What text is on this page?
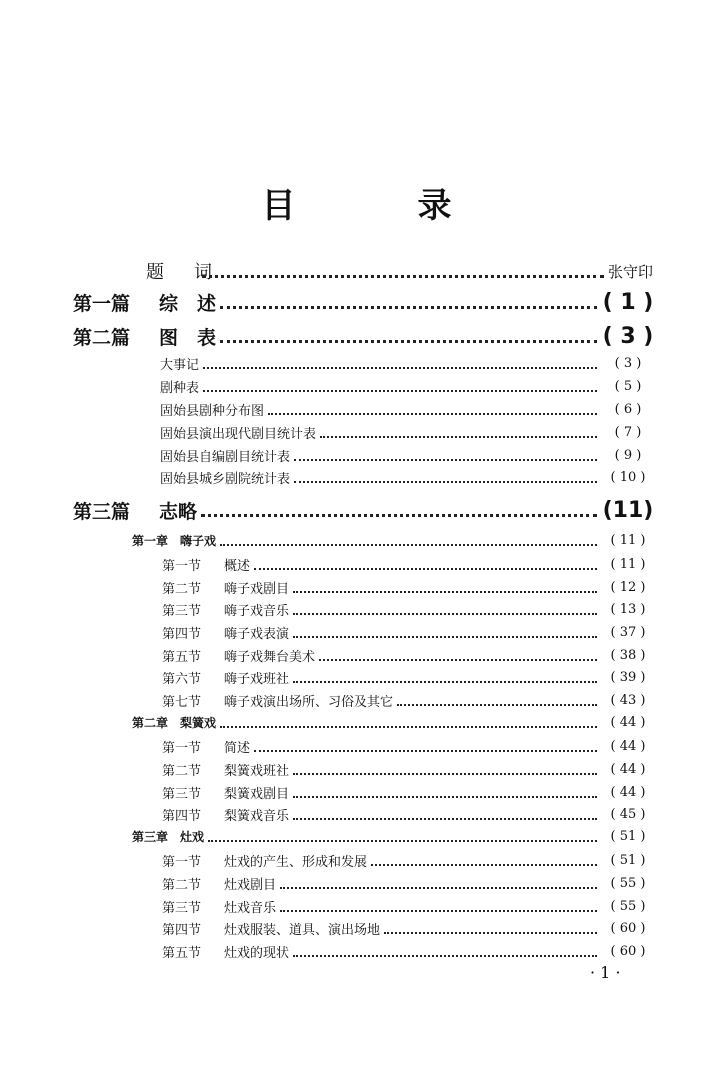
目　录
题　 词	张守印
第一篇	综　述	( 1 )
第二篇	图　表	( 3 )
大事记	( 3 )
剧种表	( 5 )
固始县剧种分布图	( 6 )
固始县演出现代剧目统计表	( 7 )
固始县自编剧目统计表	( 9 )
固始县城乡剧院统计表	( 10 )
第三篇	志略	(11)
第一章　嗨子戏	( 11 )
第一节	概述	( 11 )
第二节	嗨子戏剧目	( 12 )
第三节	嗨子戏音乐	( 13 )
第四节	嗨子戏表演	( 37 )
第五节	嗨子戏舞台美术	( 38 )
第六节	嗨子戏班社	( 39 )
第七节	嗨子戏演出场所、习俗及其它	( 43 )
第二章　梨簧戏	( 44 )
第一节	简述	( 44 )
第二节	梨簧戏班社	( 44 )
第三节	梨簧戏剧目	( 44 )
第四节	梨簧戏音乐	( 45 )
第三章　灶戏	( 51 )
第一节	灶戏的产生、形成和发展	( 51 )
第二节	灶戏剧目	( 55 )
第三节	灶戏音乐	( 55 )
第四节	灶戏服装、道具、演出场地	( 60 )
第五节	灶戏的现状	( 60 )
· 1 ·
